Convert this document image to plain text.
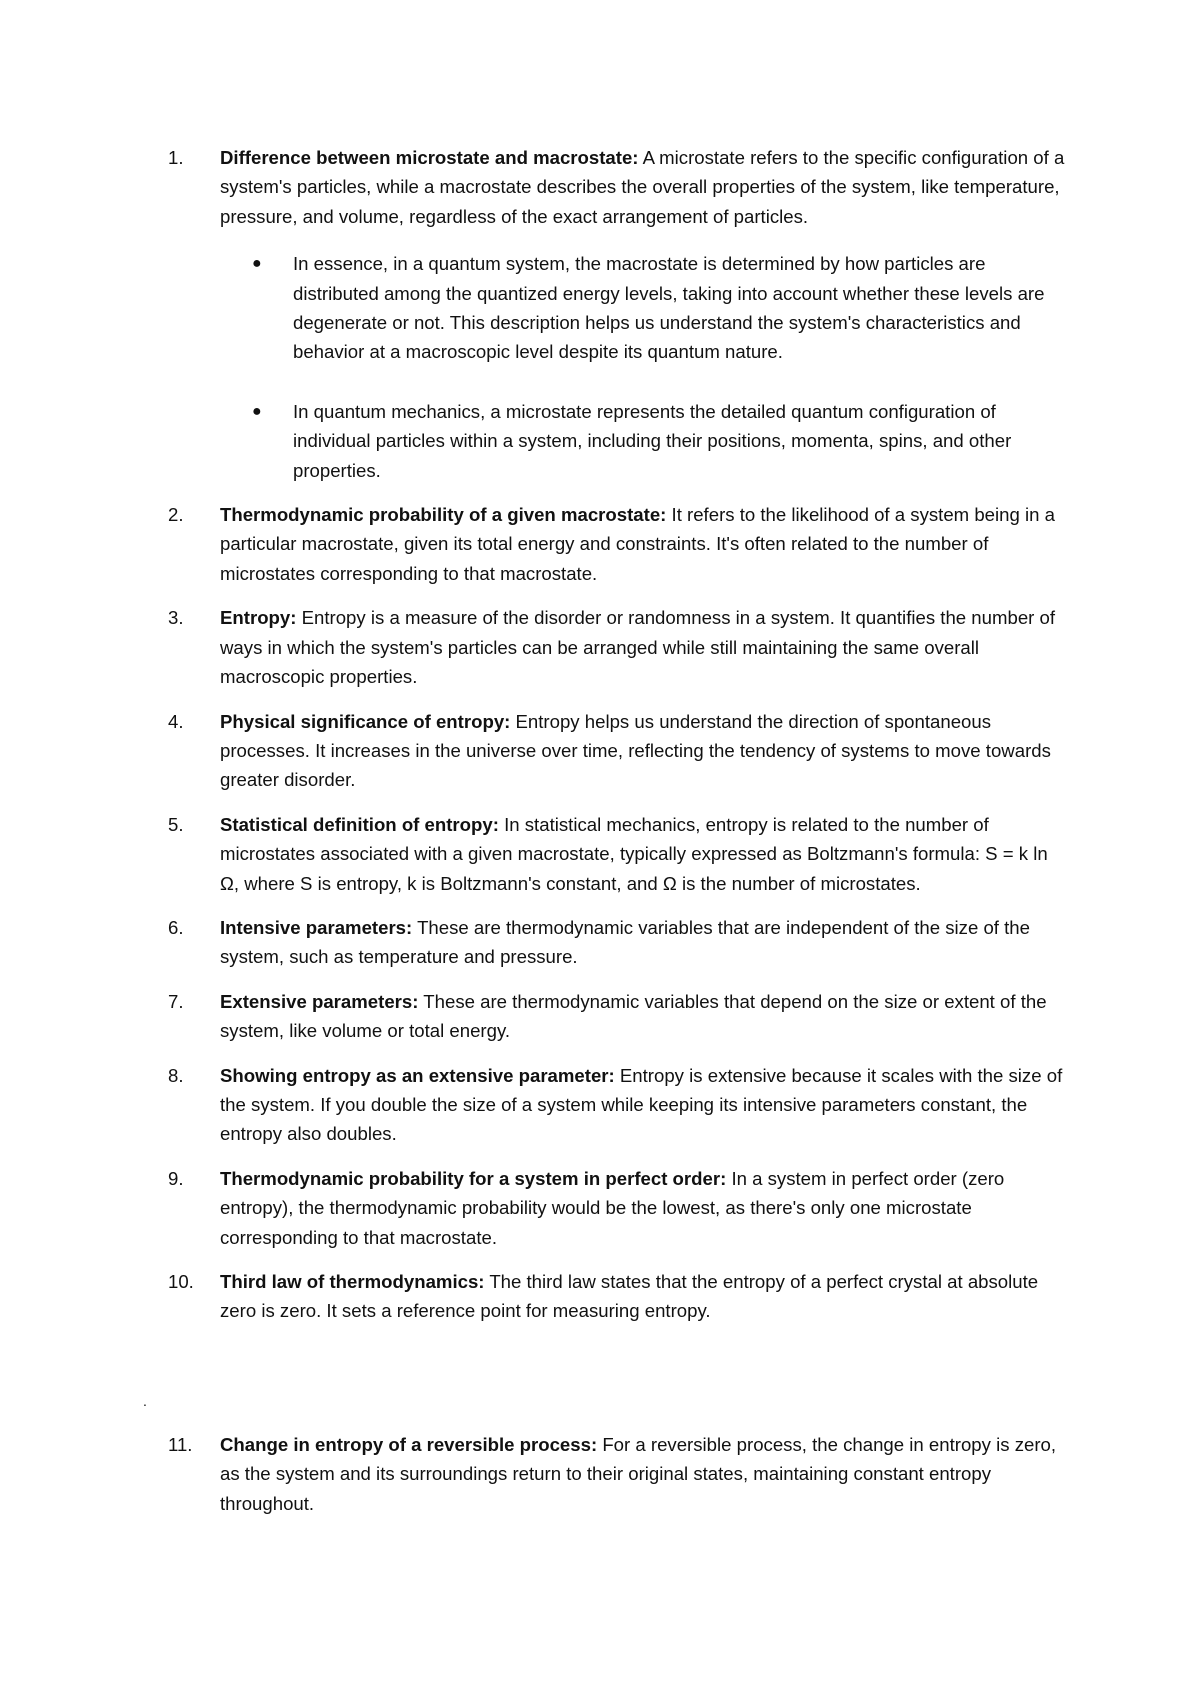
1.	Difference between microstate and macrostate: A microstate refers to the specific configuration of a system's particles, while a macrostate describes the overall properties of the system, like temperature, pressure, and volume, regardless of the exact arrangement of particles.
● In essence, in a quantum system, the macrostate is determined by how particles are distributed among the quantized energy levels, taking into account whether these levels are degenerate or not. This description helps us understand the system's characteristics and behavior at a macroscopic level despite its quantum nature.
● In quantum mechanics, a microstate represents the detailed quantum configuration of individual particles within a system, including their positions, momenta, spins, and other properties.
2.	Thermodynamic probability of a given macrostate: It refers to the likelihood of a system being in a particular macrostate, given its total energy and constraints. It's often related to the number of microstates corresponding to that macrostate.
3.	Entropy: Entropy is a measure of the disorder or randomness in a system. It quantifies the number of ways in which the system's particles can be arranged while still maintaining the same overall macroscopic properties.
4.	Physical significance of entropy: Entropy helps us understand the direction of spontaneous processes. It increases in the universe over time, reflecting the tendency of systems to move towards greater disorder.
5.	Statistical definition of entropy: In statistical mechanics, entropy is related to the number of microstates associated with a given macrostate, typically expressed as Boltzmann's formula: S = k ln Ω, where S is entropy, k is Boltzmann's constant, and Ω is the number of microstates.
6.	Intensive parameters: These are thermodynamic variables that are independent of the size of the system, such as temperature and pressure.
7.	Extensive parameters: These are thermodynamic variables that depend on the size or extent of the system, like volume or total energy.
8.	Showing entropy as an extensive parameter: Entropy is extensive because it scales with the size of the system. If you double the size of a system while keeping its intensive parameters constant, the entropy also doubles.
9.	Thermodynamic probability for a system in perfect order: In a system in perfect order (zero entropy), the thermodynamic probability would be the lowest, as there's only one microstate corresponding to that macrostate.
10.	Third law of thermodynamics: The third law states that the entropy of a perfect crystal at absolute zero is zero. It sets a reference point for measuring entropy.
.
11.	Change in entropy of a reversible process: For a reversible process, the change in entropy is zero, as the system and its surroundings return to their original states, maintaining constant entropy throughout.
